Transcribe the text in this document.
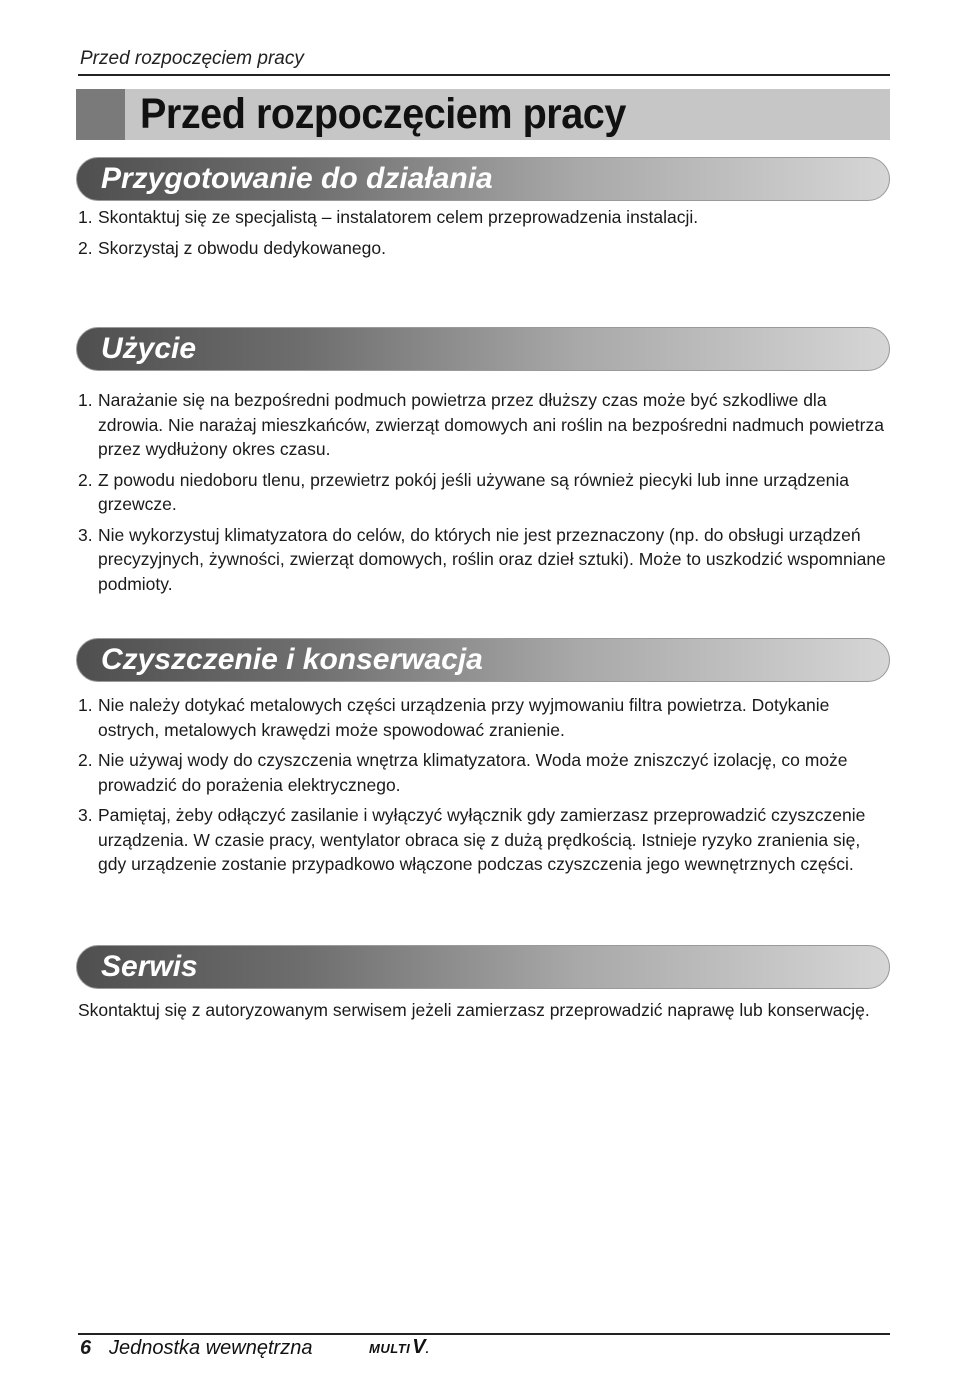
Przed rozpoczęciem pracy
Przed rozpoczęciem pracy
Przygotowanie do działania
1. Skontaktuj się ze specjalistą – instalatorem celem przeprowadzenia instalacji.
2. Skorzystaj z obwodu dedykowanego.
Użycie
1. Narażanie się na bezpośredni podmuch powietrza przez dłuższy czas może być szkodliwe dla zdrowia. Nie narażaj mieszkańców, zwierząt domowych ani roślin na bezpośredni nadmuch powietrza przez wydłużony okres czasu.
2. Z powodu niedoboru tlenu, przewietrz pokój jeśli używane są również piecyki lub inne urządzenia grzewcze.
3. Nie wykorzystuj klimatyzatora do celów, do których nie jest przeznaczony (np. do obsługi urządzeń precyzyjnych, żywności, zwierząt domowych, roślin oraz dzieł sztuki). Może to uszkodzić wspomniane podmioty.
Czyszczenie i konserwacja
1. Nie należy dotykać metalowych części urządzenia przy wyjmowaniu filtra powietrza. Dotykanie ostrych, metalowych krawędzi może spowodować zranienie.
2. Nie używaj wody do czyszczenia wnętrza klimatyzatora. Woda może zniszczyć izolację, co może prowadzić do porażenia elektrycznego.
3. Pamiętaj, żeby odłączyć zasilanie i wyłączyć wyłącznik gdy zamierzasz przeprowadzić czyszczenie urządzenia. W czasie pracy, wentylator obraca się z dużą prędkością. Istnieje ryzyko zranienia się, gdy urządzenie zostanie przypadkowo włączone podczas czyszczenia jego wewnętrznych części.
Serwis

Skontaktuj się z autoryzowanym serwisem jeżeli zamierzasz przeprowadzić naprawę lub konserwację.

6 Jednostka wewnętrzna	MULTI V.
